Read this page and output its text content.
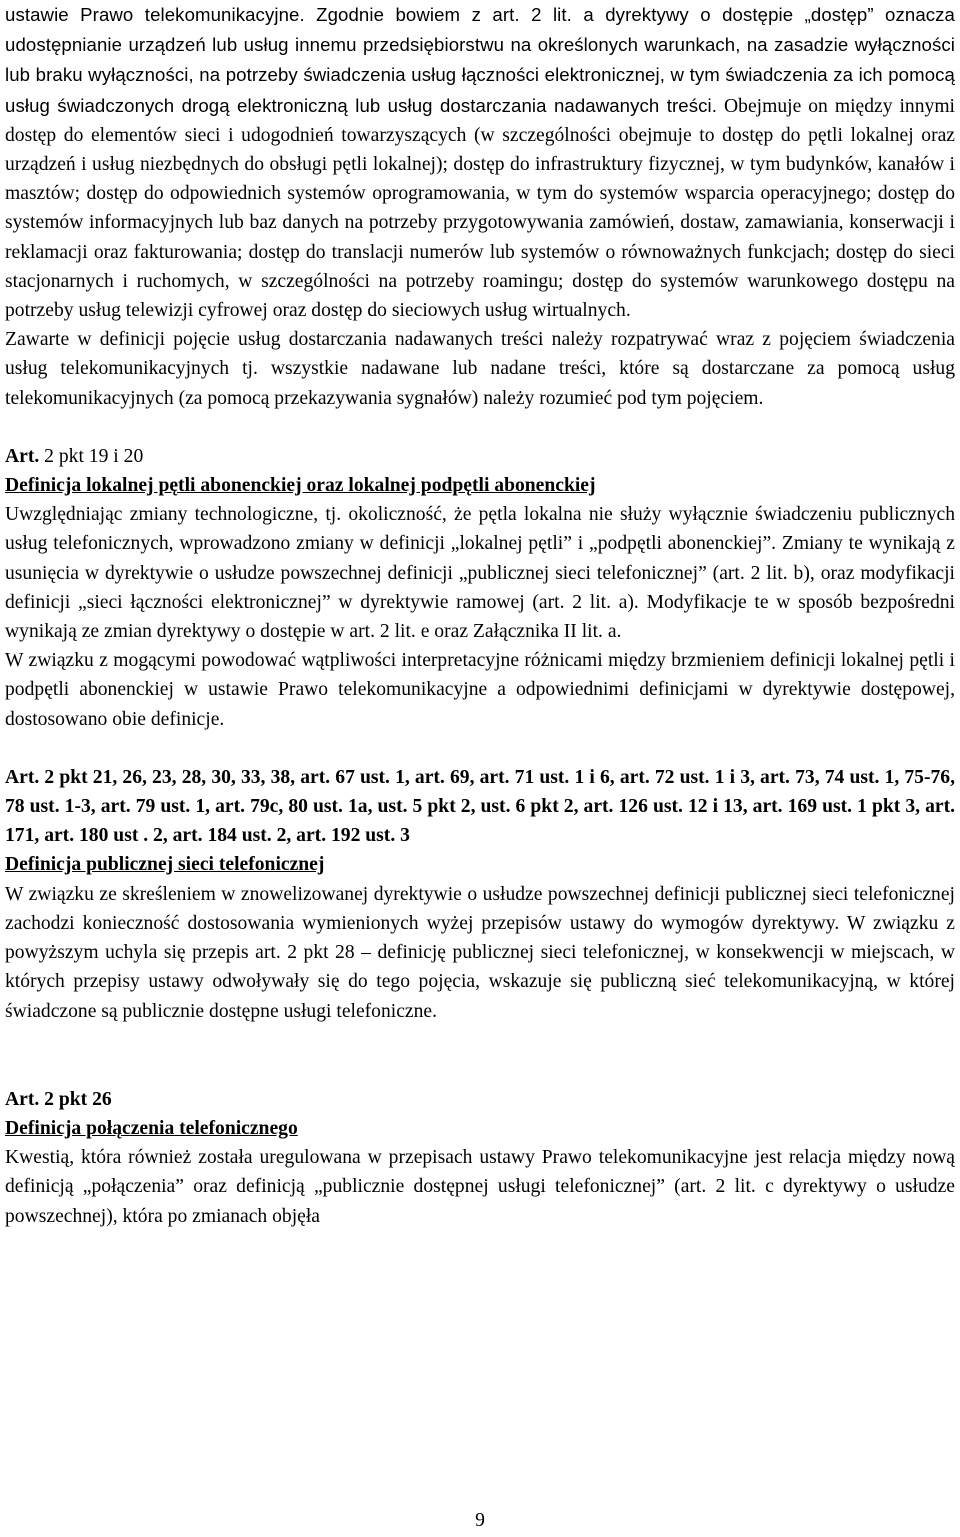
ustawie Prawo telekomunikacyjne. Zgodnie bowiem z art. 2 lit. a dyrektywy o dostępie „dostęp” oznacza udostępnianie urządzeń lub usług innemu przedsiębiorstwu na określonych warunkach, na zasadzie wyłączności lub braku wyłączności, na potrzeby świadczenia usług łączności elektronicznej, w tym świadczenia za ich pomocą usług świadczonych drogą elektroniczną lub usług dostarczania nadawanych treści. Obejmuje on między innymi dostęp do elementów sieci i udogodnień towarzyszących (w szczególności obejmuje to dostęp do pętli lokalnej oraz urządzeń i usług niezbędnych do obsługi pętli lokalnej); dostęp do infrastruktury fizycznej, w tym budynków, kanałów i masztów; dostęp do odpowiednich systemów oprogramowania, w tym do systemów wsparcia operacyjnego; dostęp do systemów informacyjnych lub baz danych na potrzeby przygotowywania zamówień, dostaw, zamawiania, konserwacji i reklamacji oraz fakturowania; dostęp do translacji numerów lub systemów o równoważnych funkcjach; dostęp do sieci stacjonarnych i ruchomych, w szczególności na potrzeby roamingu; dostęp do systemów warunkowego dostępu na potrzeby usług telewizji cyfrowej oraz dostęp do sieciowych usług wirtualnych.

Zawarte w definicji pojęcie usług dostarczania nadawanych treści należy rozpatrywać wraz z pojęciem świadczenia usług telekomunikacyjnych tj. wszystkie nadawane lub nadane treści, które są dostarczane za pomocą usług telekomunikacyjnych (za pomocą przekazywania sygnałów) należy rozumieć pod tym pojęciem.

Art. 2 pkt 19 i 20

Definicja lokalnej pętli abonenckiej oraz lokalnej podpętli abonenckiej

Uwzględniając zmiany technologiczne, tj. okoliczność, że pętla lokalna nie służy wyłącznie świadczeniu publicznych usług telefonicznych, wprowadzono zmiany w definicji „lokalnej pętli” i „podpętli abonenckiej”. Zmiany te wynikają z usunięcia w dyrektywie o usłudze powszechnej definicji „publicznej sieci telefonicznej” (art. 2 lit. b), oraz modyfikacji definicji „sieci łączności elektronicznej” w dyrektywie ramowej (art. 2 lit. a). Modyfikacje te w sposób bezpośredni wynikają ze zmian dyrektywy o dostępie w art. 2 lit. e oraz Załącznika II lit. a.

W związku z mogącymi powodować wątpliwości interpretacyjne różnicami między brzmieniem definicji lokalnej pętli i podpętli abonenckiej w ustawie Prawo telekomunikacyjne a odpowiednimi definicjami w dyrektywie dostępowej, dostosowano obie definicje.

Art. 2 pkt 21, 26, 23, 28, 30, 33, 38, art. 67 ust. 1, art. 69, art. 71 ust. 1 i 6, art. 72 ust. 1 i 3, art. 73, 74 ust. 1, 75-76, 78 ust. 1-3, art. 79 ust. 1, art. 79c, 80 ust. 1a, ust. 5 pkt 2, ust. 6 pkt 2, art. 126 ust. 12 i 13, art. 169 ust. 1 pkt 3, art. 171, art. 180 ust . 2, art. 184 ust. 2, art. 192 ust. 3

Definicja publicznej sieci telefonicznej

W związku ze skreśleniem w znowelizowanej dyrektywie o usłudze powszechnej definicji publicznej sieci telefonicznej zachodzi konieczność dostosowania wymienionych wyżej przepisów ustawy do wymogów dyrektywy. W związku z powyższym uchyla się przepis art. 2 pkt 28 – definicję publicznej sieci telefonicznej, w konsekwencji w miejscach, w których przepisy ustawy odwoływały się do tego pojęcia, wskazuje się publiczną sieć telekomunikacyjną, w której świadczone są publicznie dostępne usługi telefoniczne.

Art. 2 pkt 26

Definicja połączenia telefonicznego

Kwestią, która również została uregulowana w przepisach ustawy Prawo telekomunikacyjne jest relacja między nową definicją „połączenia” oraz definicją „publicznie dostępnej usługi telefonicznej” (art. 2 lit. c dyrektywy o usłudze powszechnej), która po zmianach objęła

9
